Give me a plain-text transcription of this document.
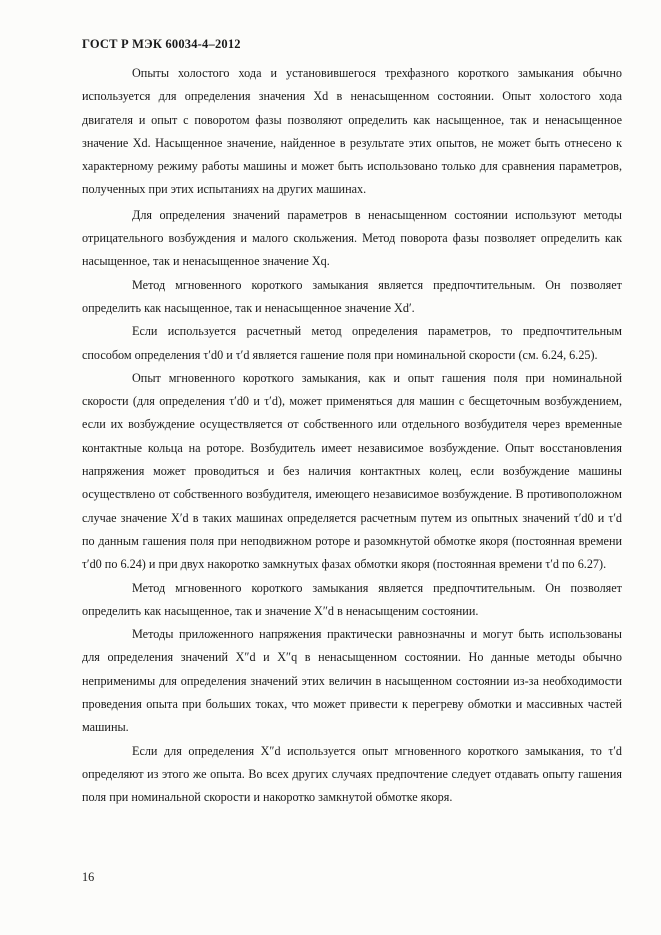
ГОСТ Р МЭК 60034-4–2012

Опыты холостого хода и установившегося трехфазного короткого замыкания обычно используется для определения значения Xd в ненасыщенном состоянии. Опыт холостого хода двигателя и опыт с поворотом фазы позволяют определить как насыщенное, так и ненасыщенное значение Xd. Насыщенное значение, найденное в результате этих опытов, не может быть отнесено к характерному режиму работы машины и может быть использовано только для сравнения параметров, полученных при этих испытаниях на других машинах.

Для определения значений параметров в ненасыщенном состоянии используют методы отрицательного возбуждения и малого скольжения. Метод поворота фазы позволяет определить как насыщенное, так и ненасыщенное значение Xq.

Метод мгновенного короткого замыкания является предпочтительным. Он позволяет определить как насыщенное, так и ненасыщенное значение Xd′.

Если используется расчетный метод определения параметров, то предпочтительным способом определения τ′d0 и τ′d является гашение поля при номинальной скорости (см. 6.24, 6.25).

Опыт мгновенного короткого замыкания, как и опыт гашения поля при номинальной скорости (для определения τ′d0 и τ′d), может применяться для машин с бесщеточным возбуждением, если их возбуждение осуществляется от собственного или отдельного возбудителя через временные контактные кольца на роторе. Возбудитель имеет независимое возбуждение. Опыт восстановления напряжения может проводиться и без наличия контактных колец, если возбуждение машины осуществлено от собственного возбудителя, имеющего независимое возбуждение. В противоположном случае значение X′d в таких машинах определяется расчетным путем из опытных значений τ′d0 и τ′d по данным гашения поля при неподвижном роторе и разомкнутой обмотке якоря (постоянная времени τ′d0 по 6.24) и при двух накоротко замкнутых фазах обмотки якоря (постоянная времени τ′d по 6.27).

Метод мгновенного короткого замыкания является предпочтительным. Он позволяет определить как насыщенное, так и значение X″d в ненасыщеним состоянии.

Методы приложенного напряжения практически равнозначны и могут быть использованы для определения значений X″d и X″q в ненасыщенном состоянии. Но данные методы обычно неприменимы для определения значений этих величин в насыщенном состоянии из-за необходимости проведения опыта при больших токах, что может привести к перегреву обмотки и массивных частей машины.

Если для определения X″d используется опыт мгновенного короткого замыкания, то τ′d определяют из этого же опыта. Во всех других случаях предпочтение следует отдавать опыту гашения поля при номинальной скорости и накоротко замкнутой обмотке якоря.

16
